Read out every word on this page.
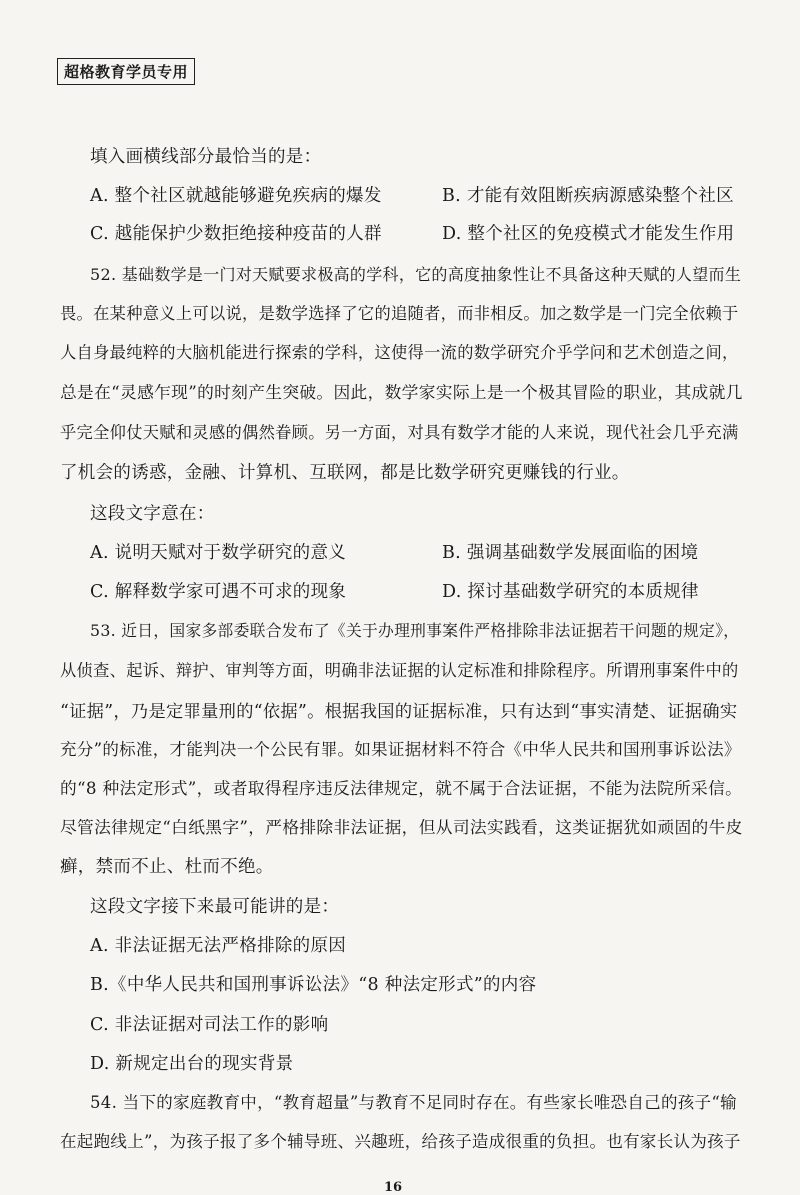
超格教育学员专用
填入画横线部分最恰当的是：
A. 整个社区就越能够避免疾病的爆发	B. 才能有效阻断疾病源感染整个社区
C. 越能保护少数拒绝接种疫苗的人群	D. 整个社区的免疫模式才能发生作用
52. 基础数学是一门对天赋要求极高的学科，它的高度抽象性让不具备这种天赋的人望而生
畏。在某种意义上可以说，是数学选择了它的追随者，而非相反。加之数学是一门完全依赖于
人自身最纯粹的大脑机能进行探索的学科，这使得一流的数学研究介乎学问和艺术创造之间，
总是在“灵感乍现”的时刻产生突破。因此，数学家实际上是一个极其冒险的职业，其成就几
乎完全仰仗天赋和灵感的偶然眷顾。另一方面，对具有数学才能的人来说，现代社会几乎充满
了机会的诱惑，金融、计算机、互联网，都是比数学研究更赚钱的行业。
这段文字意在：
A. 说明天赋对于数学研究的意义	B. 强调基础数学发展面临的困境
C. 解释数学家可遇不可求的现象	D. 探讨基础数学研究的本质规律
53. 近日，国家多部委联合发布了《关于办理刑事案件严格排除非法证据若干问题的规定》，
从侦查、起诉、辩护、审判等方面，明确非法证据的认定标准和排除程序。所谓刑事案件中的
“证据”，乃是定罪量刑的“依据”。根据我国的证据标准，只有达到“事实清楚、证据确实
充分”的标准，才能判决一个公民有罪。如果证据材料不符合《中华人民共和国刑事诉讼法》
的“8 种法定形式”，或者取得程序违反法律规定，就不属于合法证据，不能为法院所采信。
尽管法律规定“白纸黑字”，严格排除非法证据，但从司法实践看，这类证据犹如顽固的牛皮
癣，禁而不止、杜而不绝。
这段文字接下来最可能讲的是：
A. 非法证据无法严格排除的原因
B.《中华人民共和国刑事诉讼法》“8 种法定形式”的内容
C. 非法证据对司法工作的影响
D. 新规定出台的现实背景
54. 当下的家庭教育中，“教育超量”与教育不足同时存在。有些家长唯恐自己的孩子“输
在起跑线上”，为孩子报了多个辅导班、兴趣班，给孩子造成很重的负担。也有家长认为孩子
16
